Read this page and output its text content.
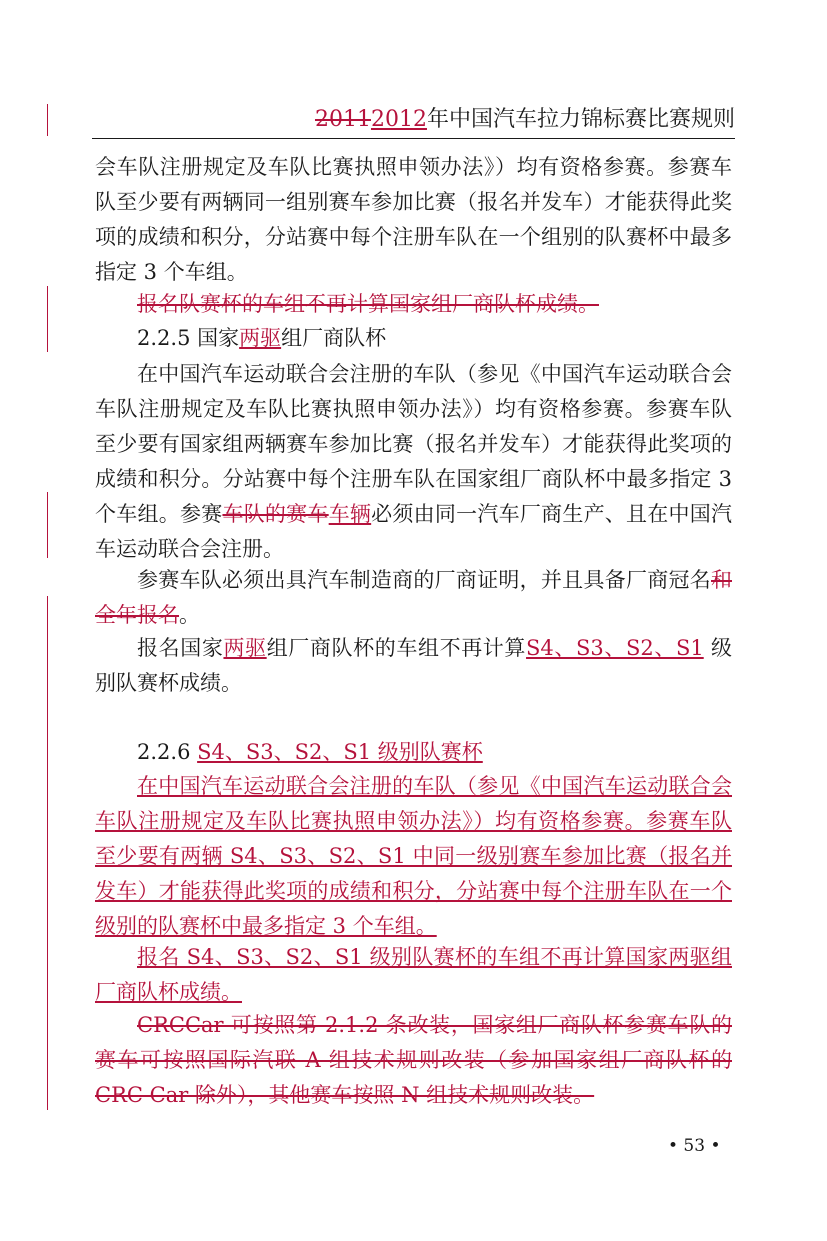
20112012年中国汽车拉力锦标赛比赛规则

会车队注册规定及车队比赛执照申领办法》）均有资格参赛。参赛车队至少要有两辆同一组别赛车参加比赛（报名并发车）才能获得此奖项的成绩和积分，分站赛中每个注册车队在一个组别的队赛杯中最多指定 3 个车组。

报名队赛杯的车组不再计算国家组厂商队杯成绩。

2.2.5 国家两驱组厂商队杯

在中国汽车运动联合会注册的车队（参见《中国汽车运动联合会车队注册规定及车队比赛执照申领办法》）均有资格参赛。参赛车队至少要有国家组两辆赛车参加比赛（报名并发车）才能获得此奖项的成绩和积分。分站赛中每个注册车队在国家组厂商队杯中最多指定 3 个车组。参赛车队的赛车车辆必须由同一汽车厂商生产、且在中国汽车运动联合会注册。

参赛车队必须出具汽车制造商的厂商证明，并且具备厂商冠名和全年报名。

报名国家两驱组厂商队杯的车组不再计算S4、S3、S2、S1 级别队赛杯成绩。

2.2.6 S4、S3、S2、S1 级别队赛杯

在中国汽车运动联合会注册的车队（参见《中国汽车运动联合会车队注册规定及车队比赛执照申领办法》）均有资格参赛。参赛车队至少要有两辆 S4、S3、S2、S1 中同一级别赛车参加比赛（报名并发车）才能获得此奖项的成绩和积分，分站赛中每个注册车队在一个级别的队赛杯中最多指定 3 个车组。

报名 S4、S3、S2、S1 级别队赛杯的车组不再计算国家两驱组厂商队杯成绩。

CRCCar 可按照第 2.1.2 条改装，国家组厂商队杯参赛车队的赛车可按照国际汽联 A 组技术规则改装（参加国家组厂商队杯的 CRC Car 除外），其他赛车按照 N 组技术规则改装。

• 53 •
